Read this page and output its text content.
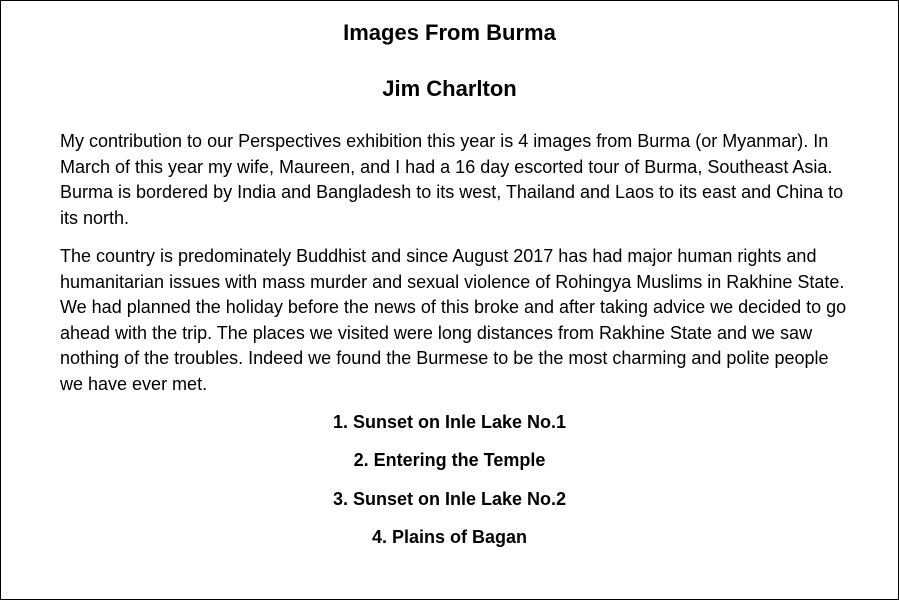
Images From Burma
Jim Charlton

My contribution to our Perspectives exhibition this year is 4 images from Burma (or Myanmar). In March of this year my wife, Maureen, and I had a 16 day escorted tour of Burma, Southeast Asia. Burma is bordered by India and Bangladesh to its west, Thailand and Laos to its east and China to its north.

The country is predominately Buddhist and since August 2017 has had major human rights and humanitarian issues with mass murder and sexual violence of Rohingya Muslims in Rakhine State.  We had planned the holiday before the news of this broke and after taking advice we decided to go ahead with the trip. The places we visited were long distances from Rakhine State and we saw nothing of the troubles. Indeed we found the Burmese to be the most charming and polite people we have ever met.

1. Sunset on Inle Lake No.1
2. Entering the Temple
3. Sunset on Inle Lake No.2
4. Plains of Bagan
